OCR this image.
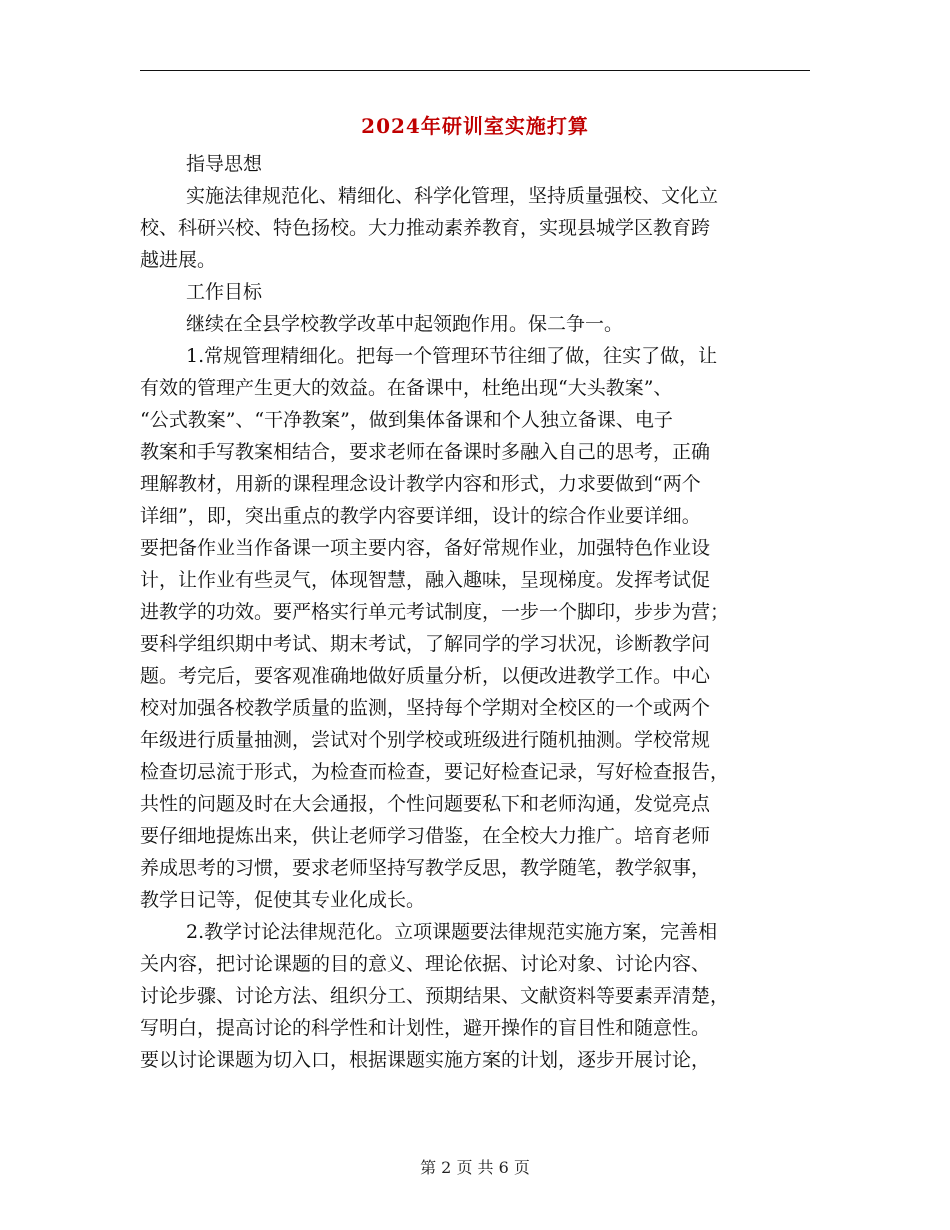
2024年研训室实施打算
指导思想
实施法律规范化、精细化、科学化管理，坚持质量强校、文化立
校、科研兴校、特色扬校。大力推动素养教育，实现县城学区教育跨
越进展。
工作目标
继续在全县学校教学改革中起领跑作用。保二争一。
1.常规管理精细化。把每一个管理环节往细了做，往实了做，让
有效的管理产生更大的效益。在备课中，杜绝出现“大头教案”、
“公式教案”、“干净教案”，做到集体备课和个人独立备课、电子
教案和手写教案相结合，要求老师在备课时多融入自己的思考，正确
理解教材，用新的课程理念设计教学内容和形式，力求要做到“两个
详细”，即，突出重点的教学内容要详细，设计的综合作业要详细。
要把备作业当作备课一项主要内容，备好常规作业，加强特色作业设
计，让作业有些灵气，体现智慧，融入趣味，呈现梯度。发挥考试促
进教学的功效。要严格实行单元考试制度，一步一个脚印，步步为营；
要科学组织期中考试、期末考试，了解同学的学习状况，诊断教学问
题。考完后，要客观准确地做好质量分析，以便改进教学工作。中心
校对加强各校教学质量的监测，坚持每个学期对全校区的一个或两个
年级进行质量抽测，尝试对个别学校或班级进行随机抽测。学校常规
检查切忌流于形式，为检查而检查，要记好检查记录，写好检查报告，
共性的问题及时在大会通报，个性问题要私下和老师沟通，发觉亮点
要仔细地提炼出来，供让老师学习借鉴，在全校大力推广。培育老师
养成思考的习惯，要求老师坚持写教学反思，教学随笔，教学叙事，
教学日记等，促使其专业化成长。
2.教学讨论法律规范化。立项课题要法律规范实施方案，完善相
关内容，把讨论课题的目的意义、理论依据、讨论对象、讨论内容、
讨论步骤、讨论方法、组织分工、预期结果、文献资料等要素弄清楚，
写明白，提高讨论的科学性和计划性，避开操作的盲目性和随意性。
要以讨论课题为切入口，根据课题实施方案的计划，逐步开展讨论，
第 2 页 共 6 页
